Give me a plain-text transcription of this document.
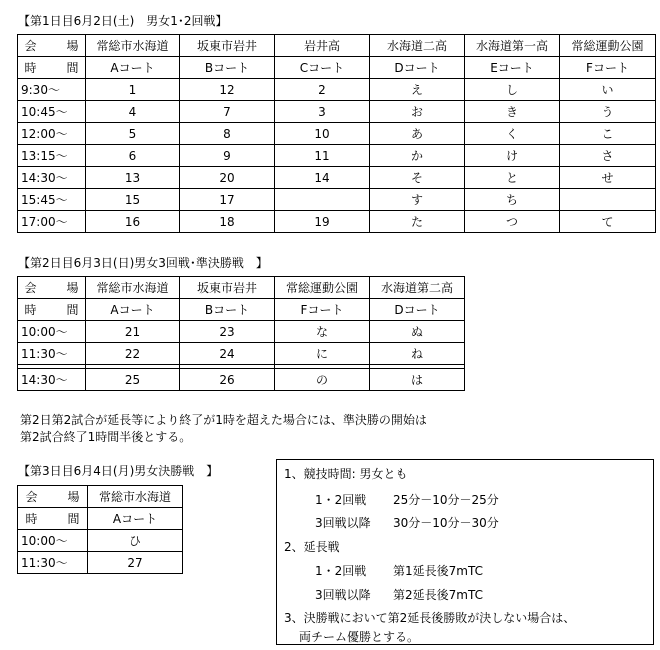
【第1日目6月2日(土)　男女1･2回戦】
会 場	常総市水海道	坂東市岩井	岩井高	水海道二高	水海道第一高	常総運動公園
時 間	Aコート	Bコート	Cコート	Dコート	Eコート	Fコート
9:30～	1	12	2	え	し	い
10:45～	4	7	3	お	き	う
12:00～	5	8	10	あ	く	こ
13:15～	6	9	11	か	け	さ
14:30～	13	20	14	そ	と	せ
15:45～	15	17		す	ち	
17:00～	16	18	19	た	つ	て
【第2日目6月3日(日)男女3回戦･準決勝戦　】
会 場	常総市水海道	坂東市岩井	常総運動公園	水海道第二高
時 間	Aコート	Bコート	Fコート	Dコート
10:00～	21	23	な	ぬ
11:30～	22	24	に	ね

14:30～	25	26	の	は
第2日第2試合が延長等により終了が1時を超えた場合には、準決勝の開始は
第2試合終了1時間半後とする。
【第3日目6月4日(月)男女決勝戦　】
会 場	常総市水海道
時 間	Aコート
10:00～	ひ
11:30～	27
1、競技時間: 男女とも
1・2回戦 25分－10分－25分
3回戦以降 30分－10分－30分
2、延長戦
1・2回戦 第1延長後7mTC
3回戦以降 第2延長後7mTC
3、決勝戦において第2延長後勝敗が決しない場合は、
両チーム優勝とする。
